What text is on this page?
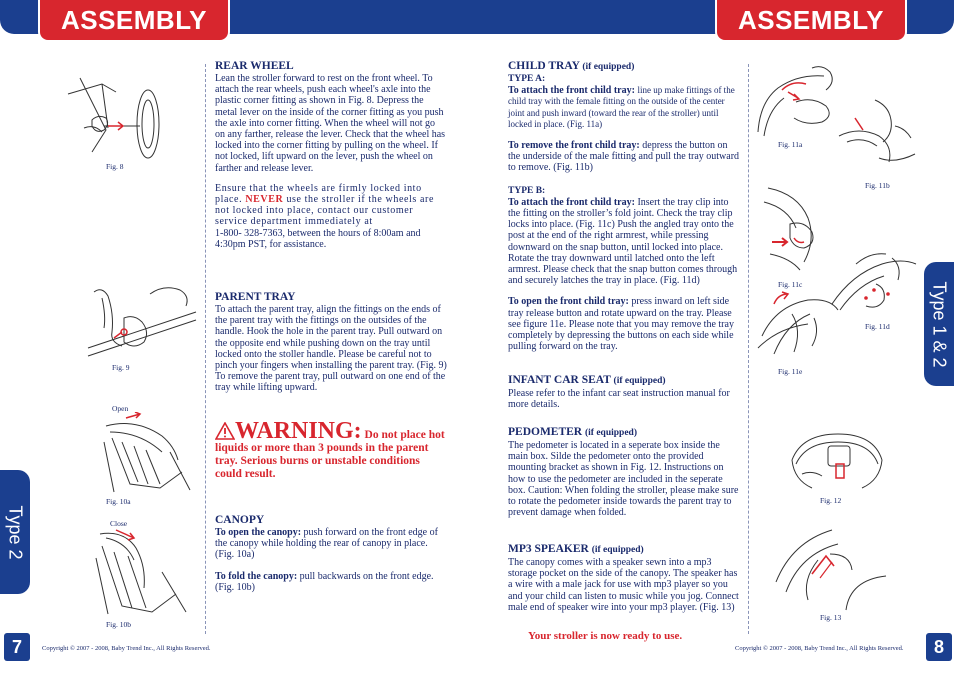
ASSEMBLY	ASSEMBLY
Type 2
Type 1 & 2
Fig. 8
Fig. 9
Open
Fig. 10a
Close
Fig. 10b
REAR WHEEL

Lean the stroller forward to rest on the front wheel. To attach the rear wheels, push each wheel's axle into the plastic corner fitting as shown in Fig. 8. Depress the metal lever on the inside of the corner fitting as you push the axle into corner fitting. When the wheel will not go on any farther, release the lever. Check that the wheel has locked into the corner fitting by pulling on the wheel. If not locked, lift upward on the lever, push the wheel on farther and release lever.

Ensure that the wheels are firmly locked into place. NEVER use the stroller if the wheels are not locked into place, contact our customer service department immediately at

1-800- 328-7363, between the hours of 8:00am and 4:30pm PST, for assistance.

PARENT TRAY

To attach the parent tray, align the fittings on the ends of the parent tray with the fittings on the outsides of the handle. Hook the hole in the parent tray. Pull outward on the opposite end while pushing down on the tray until locked onto the stoller handle. Please be careful not to pinch your fingers when installing the parent tray. (Fig. 9) To remove the parent tray, pull outward on one end of the tray while lifting upward.

WARNING: Do not place hot liquids or more than 3 pounds in the parent tray. Serious burns or unstable conditions could result.

CANOPY

To open the canopy: push forward on the front edge of the canopy while holding the rear of canopy in place. (Fig. 10a)

To fold the canopy: pull backwards on the front edge. (Fig. 10b)

7	Copyright © 2007 - 2008, Baby Trend Inc., All Rights Reserved.
CHILD TRAY (if equipped)
TYPE A:

To attach the front child tray: line up make fittings of the child tray with the female fitting on the outside of the center joint and push inward (toward the rear of the stroller) until locked in place. (Fig. 11a)

To remove the front child tray: depress the button on the underside of the male fitting and pull the tray outward to remove. (Fig. 11b)

TYPE B:

To attach the front child tray: Insert the tray clip into the fitting on the stroller’s fold joint. Check the tray clip locks into place. (Fig. 11c) Push the angled tray onto the post at the end of the right armrest, while pressing downward on the snap button, until locked into place. Rotate the tray downward until latched onto the left armrest. Please check that the snap button comes through and securely latches the tray in place. (Fig. 11d)

To open the front child tray: press inward on left side tray release button and rotate upward on the tray. Please see figure 11e. Please note that you may remove the tray completely by depressing the buttons on each side while pulling forward on the tray.

INFANT CAR SEAT (if equipped)

Please refer to the infant car seat instruction manual for more details.

PEDOMETER (if equipped)

The pedometer is located in a seperate box inside the main box. Silde the pedometer onto the provided mounting bracket as shown in Fig. 12. Instructions on how to use the pedometer are included in the seperate box. Caution: When folding the stroller, please make sure to rotate the pedometer inside towards the parent tray to prevent damage when folded.

MP3 SPEAKER (if equipped)

The canopy comes with a speaker sewn into a mp3 storage pocket on the side of the canopy. The speaker has a wire with a male jack for use with mp3 player so you and your child can listen to music while you jog. Connect male end of speaker wire into your mp3 player. (Fig. 13)

Your stroller is now ready to use.
Fig. 11a
Fig. 11b
Fig. 11c
Fig. 11d
Fig. 11e
Fig. 12
Fig. 13
8
Copyright © 2007 - 2008, Baby Trend Inc., All Rights Reserved.
